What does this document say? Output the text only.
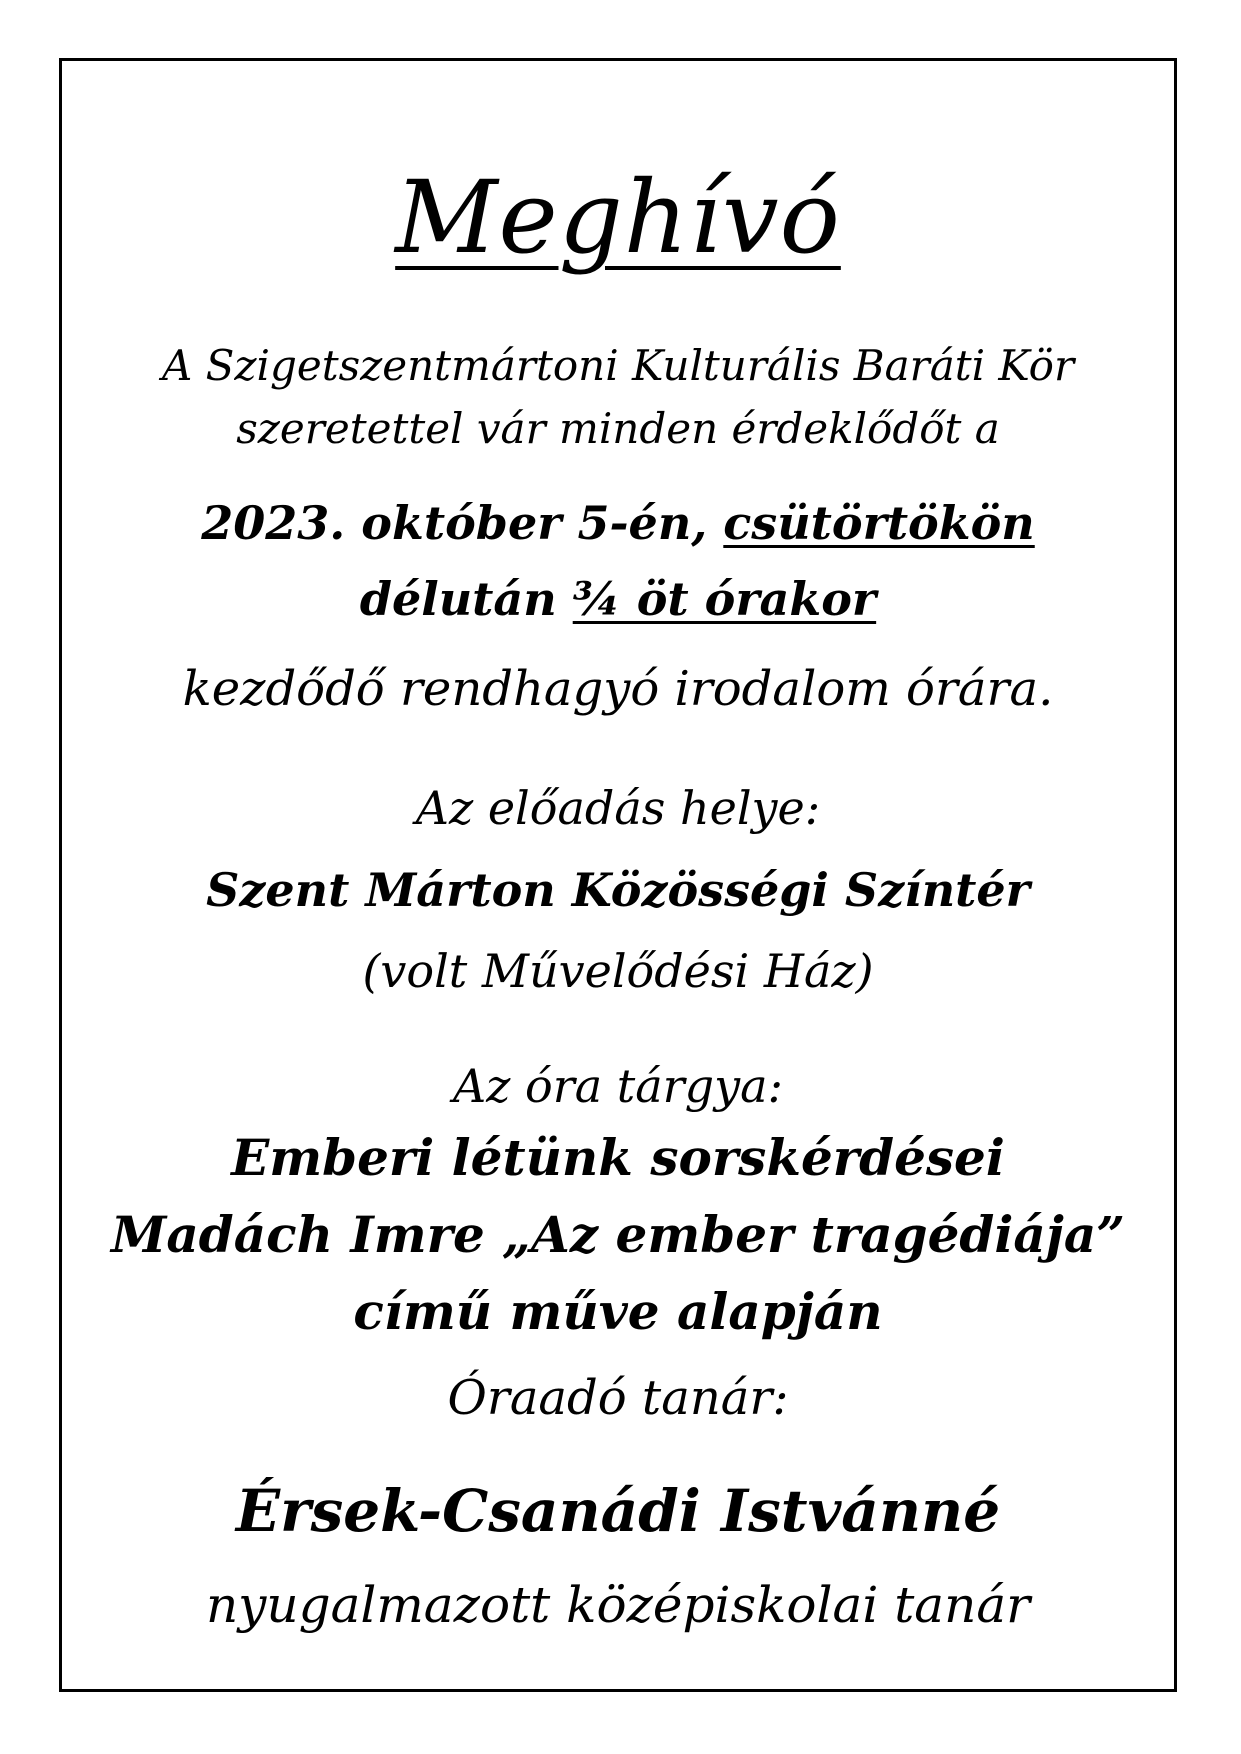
Meghívó
A Szigetszentmártoni Kulturális Baráti Kör
szeretettel vár minden érdeklődőt a
2023. október 5-én, csütörtökön
délután ¾ öt órakor
kezdődő rendhagyó irodalom órára.
Az előadás helye:
Szent Márton Közösségi Színtér
(volt Művelődési Ház)
Az óra tárgya:
Emberi létünk sorskérdései
Madách Imre „Az ember tragédiája”
című műve alapján
Óraadó tanár:
Érsek-Csanádi Istvánné
nyugalmazott középiskolai tanár
